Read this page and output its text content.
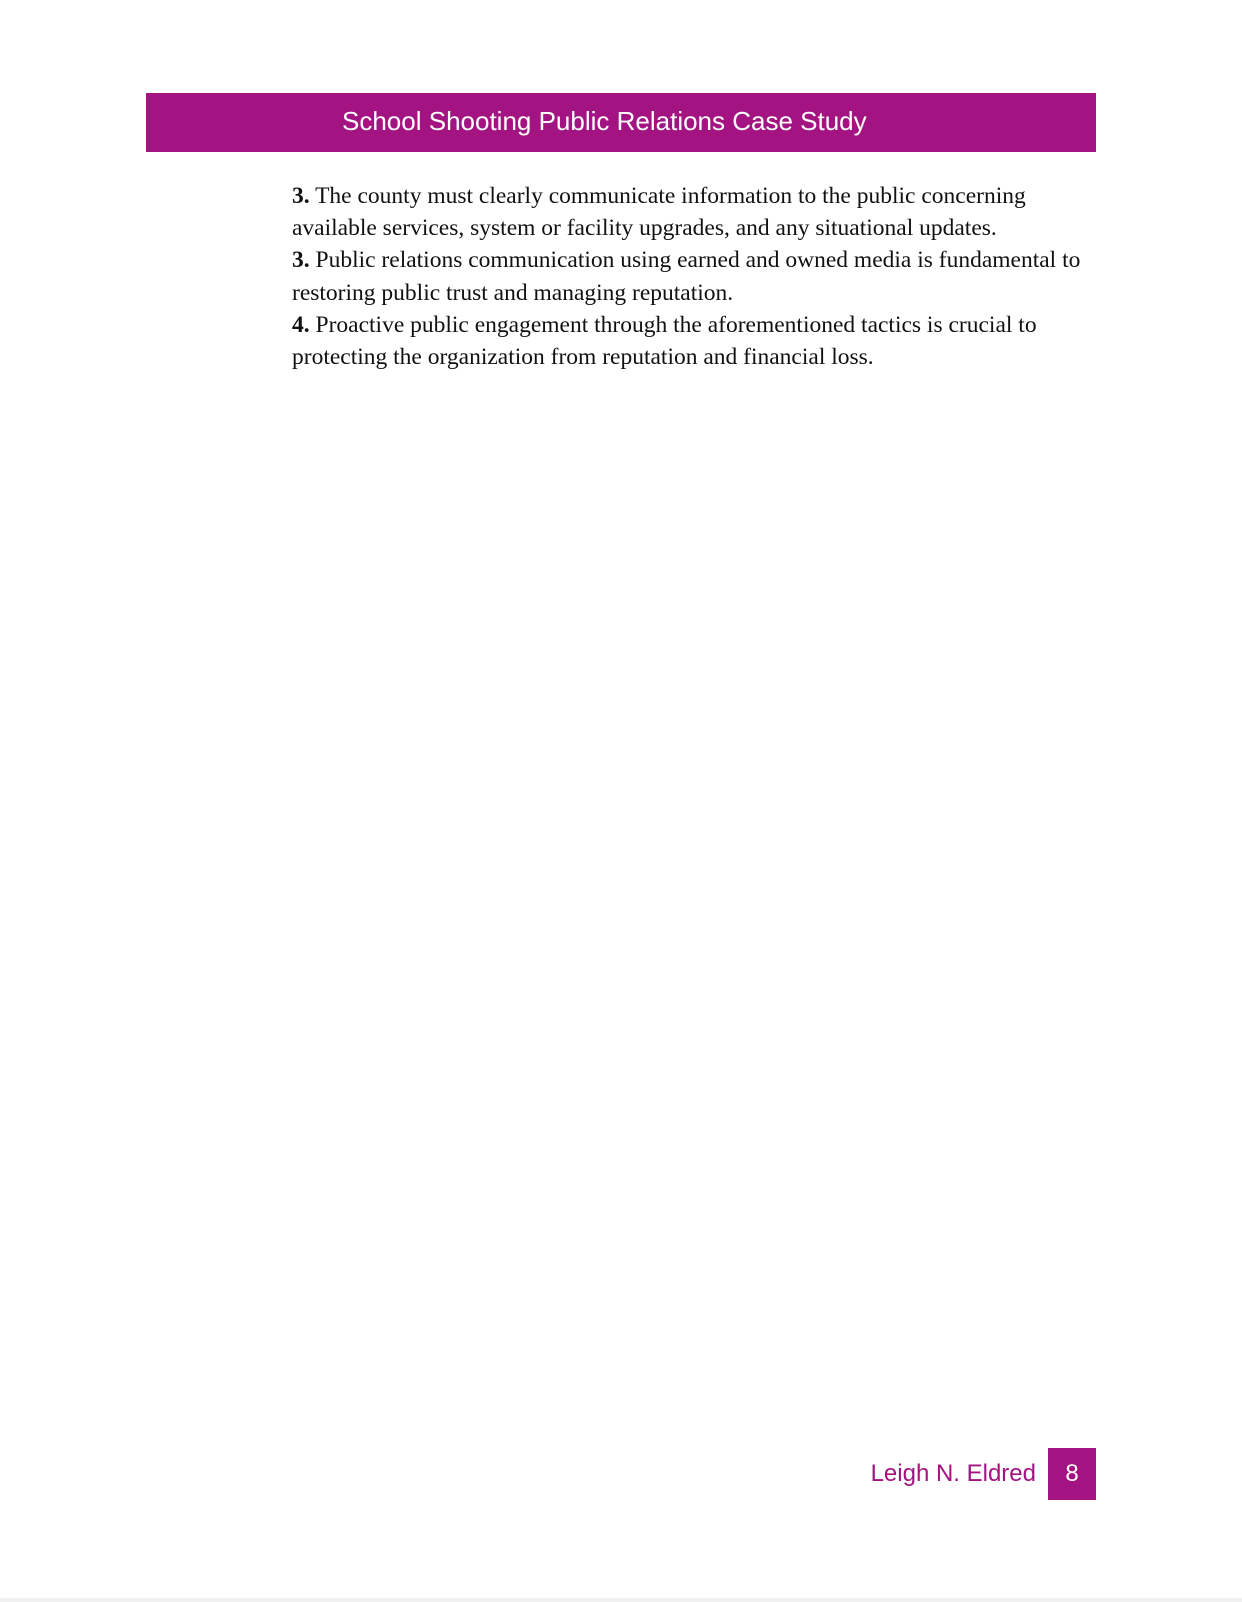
School Shooting Public Relations Case Study

3. The county must clearly communicate information to the public concerning available services, system or facility upgrades, and any situational updates.

3. Public relations communication using earned and owned media is fundamental to restoring public trust and managing reputation.

4. Proactive public engagement through the aforementioned tactics is crucial to protecting the organization from reputation and financial loss.

Leigh N. Eldred 8
